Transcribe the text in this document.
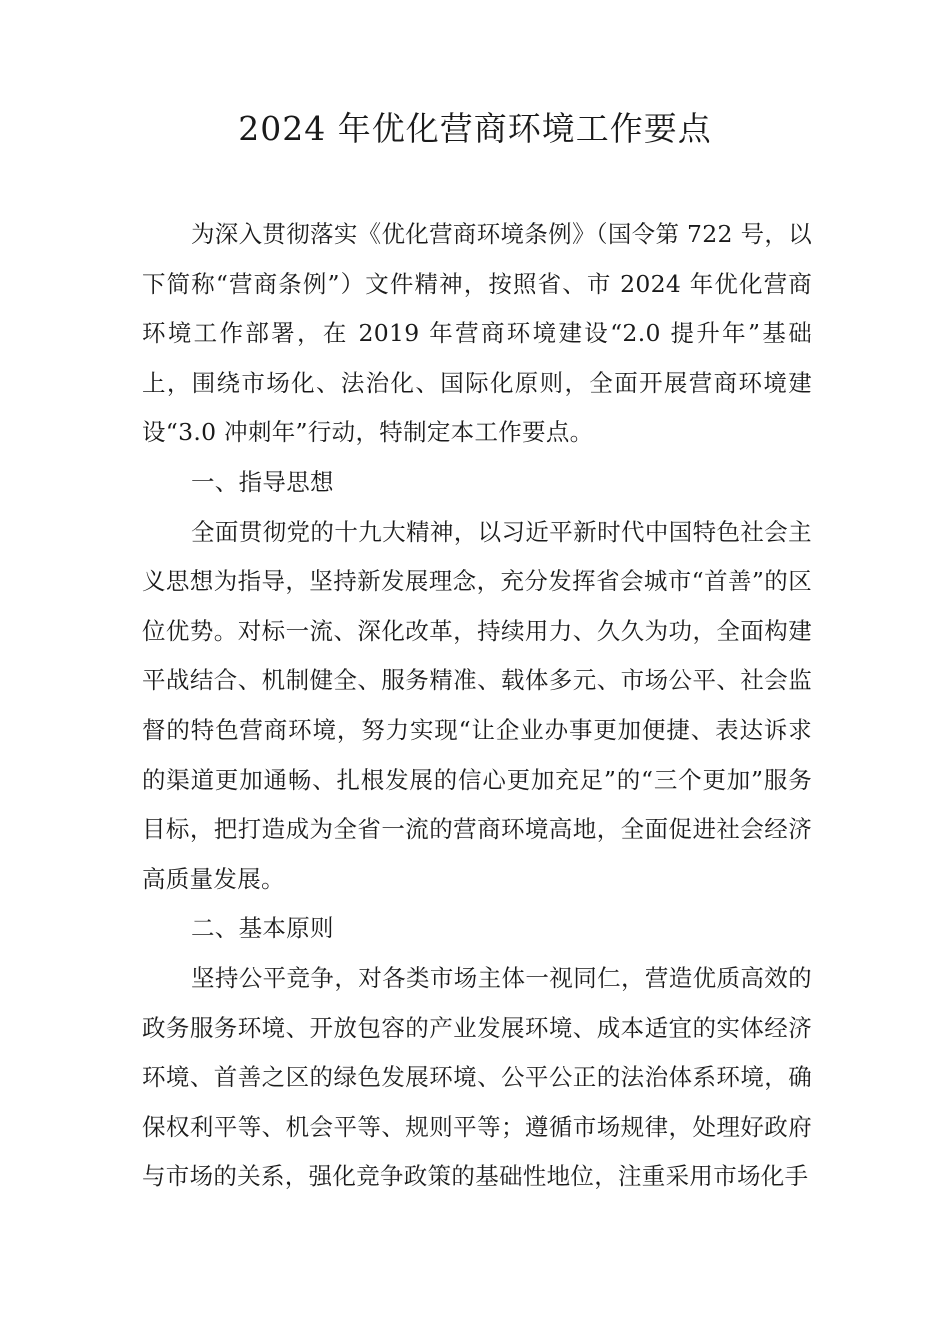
2024 年优化营商环境工作要点

为深入贯彻落实《优化营商环境条例》（国令第 722 号，以下简称“营商条例”）文件精神，按照省、市 2024 年优化营商环境工作部署，在 2019 年营商环境建设“2.0 提升年”基础上，围绕市场化、法治化、国际化原则，全面开展营商环境建设“3.0 冲刺年”行动，特制定本工作要点。

一、指导思想

全面贯彻党的十九大精神，以习近平新时代中国特色社会主义思想为指导，坚持新发展理念，充分发挥省会城市“首善”的区位优势。对标一流、深化改革，持续用力、久久为功，全面构建平战结合、机制健全、服务精准、载体多元、市场公平、社会监督的特色营商环境，努力实现“让企业办事更加便捷、表达诉求的渠道更加通畅、扎根发展的信心更加充足”的“三个更加”服务目标，把打造成为全省一流的营商环境高地，全面促进社会经济高质量发展。

二、基本原则

坚持公平竞争，对各类市场主体一视同仁，营造优质高效的政务服务环境、开放包容的产业发展环境、成本适宜的实体经济环境、首善之区的绿色发展环境、公平公正的法治体系环境，确保权利平等、机会平等、规则平等；遵循市场规律，处理好政府与市场的关系，强化竞争政策的基础性地位，注重采用市场化手
